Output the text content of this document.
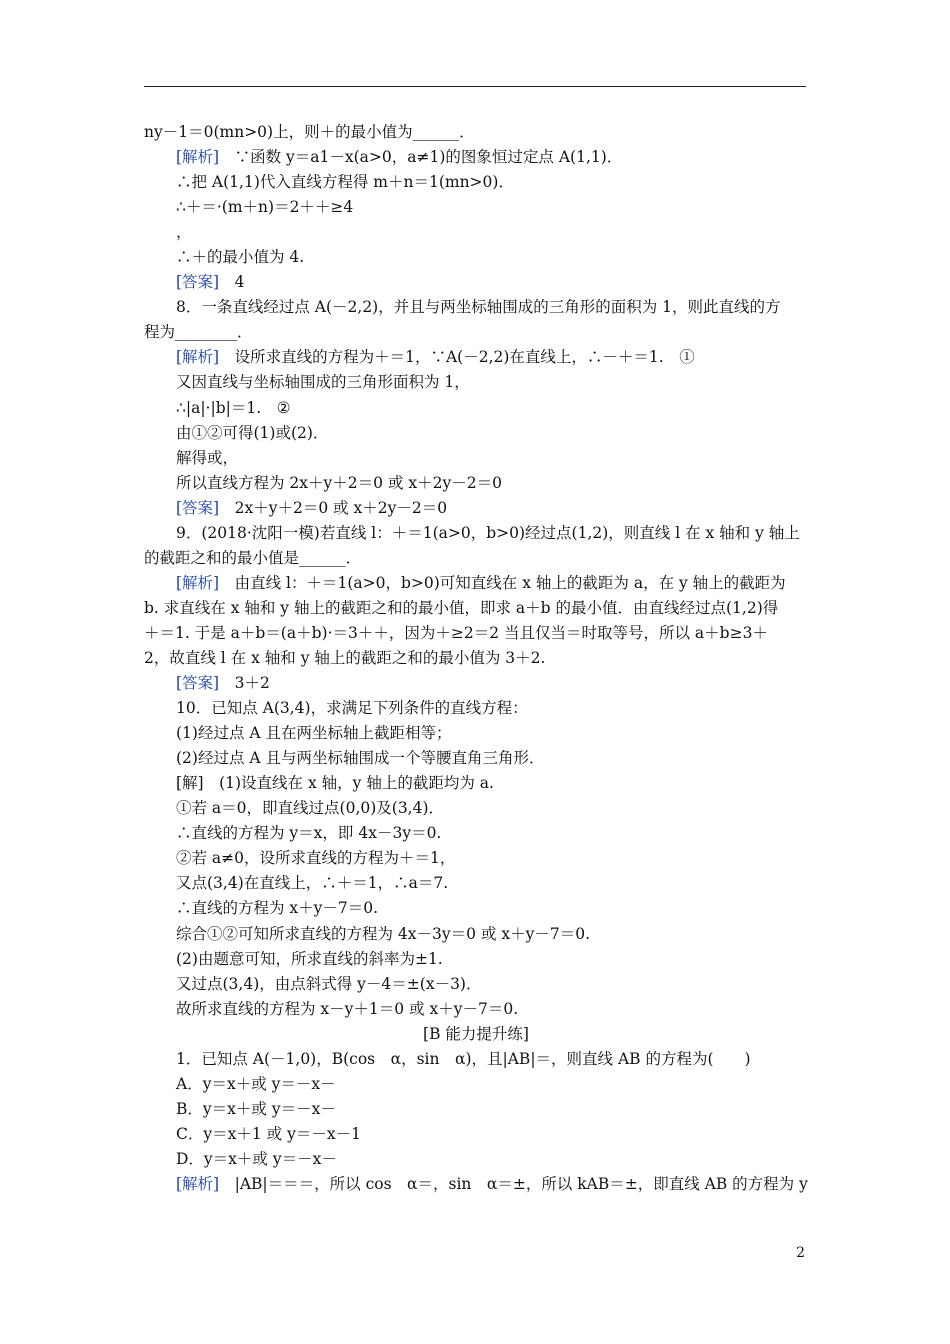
ny－1＝0(mn>0)上，则＋的最小值为______．
[解析]　∵函数 y＝a1－x(a>0，a≠1)的图象恒过定点 A(1,1)．
∴把 A(1,1)代入直线方程得 m＋n＝1(mn>0)．
∴＋＝·(m＋n)＝2＋＋≥4
，
∴＋的最小值为 4.
[答案]　4
8．一条直线经过点 A(－2,2)，并且与两坐标轴围成的三角形的面积为 1，则此直线的方
程为________．
[解析]　设所求直线的方程为＋＝1，∵A(－2,2)在直线上，∴－＋＝1.　①
又因直线与坐标轴围成的三角形面积为 1，
∴|a|·|b|＝1.　②
由①②可得(1)或(2)．
解得或，
所以直线方程为 2x＋y＋2＝0 或 x＋2y－2＝0
[答案]　2x＋y＋2＝0 或 x＋2y－2＝0
9．(2018·沈阳一模)若直线 l：＋＝1(a>0，b>0)经过点(1,2)，则直线 l 在 x 轴和 y 轴上
的截距之和的最小值是______．
[解析]　由直线 l：＋＝1(a>0，b>0)可知直线在 x 轴上的截距为 a，在 y 轴上的截距为
b. 求直线在 x 轴和 y 轴上的截距之和的最小值，即求 a＋b 的最小值．由直线经过点(1,2)得
＋＝1. 于是 a＋b＝(a＋b)·＝3＋＋，因为＋≥2＝2 当且仅当＝时取等号，所以 a＋b≥3＋
2，故直线 l 在 x 轴和 y 轴上的截距之和的最小值为 3＋2.
[答案]　3＋2
10．已知点 A(3,4)，求满足下列条件的直线方程：
(1)经过点 A 且在两坐标轴上截距相等；
(2)经过点 A 且与两坐标轴围成一个等腰直角三角形．
[解]　(1)设直线在 x 轴，y 轴上的截距均为 a.
①若 a＝0，即直线过点(0,0)及(3,4)．
∴直线的方程为 y＝x，即 4x－3y＝0.
②若 a≠0，设所求直线的方程为＋＝1，
又点(3,4)在直线上，∴＋＝1，∴a＝7.
∴直线的方程为 x＋y－7＝0.
综合①②可知所求直线的方程为 4x－3y＝0 或 x＋y－7＝0.
(2)由题意可知，所求直线的斜率为±1.
又过点(3,4)，由点斜式得 y－4＝±(x－3)．
故所求直线的方程为 x－y＋1＝0 或 x＋y－7＝0.
[B 能力提升练]
1．已知点 A(－1,0)，B(cos　α，sin　α)，且|AB|＝，则直线 AB 的方程为(　　)
A．y＝x＋或 y＝－x－
B．y＝x＋或 y＝－x－
C．y＝x＋1 或 y＝－x－1
D．y＝x＋或 y＝－x－
[解析]　|AB|＝＝＝，所以 cos　α＝，sin　α＝±，所以 kAB＝±，即直线 AB 的方程为 y
2
